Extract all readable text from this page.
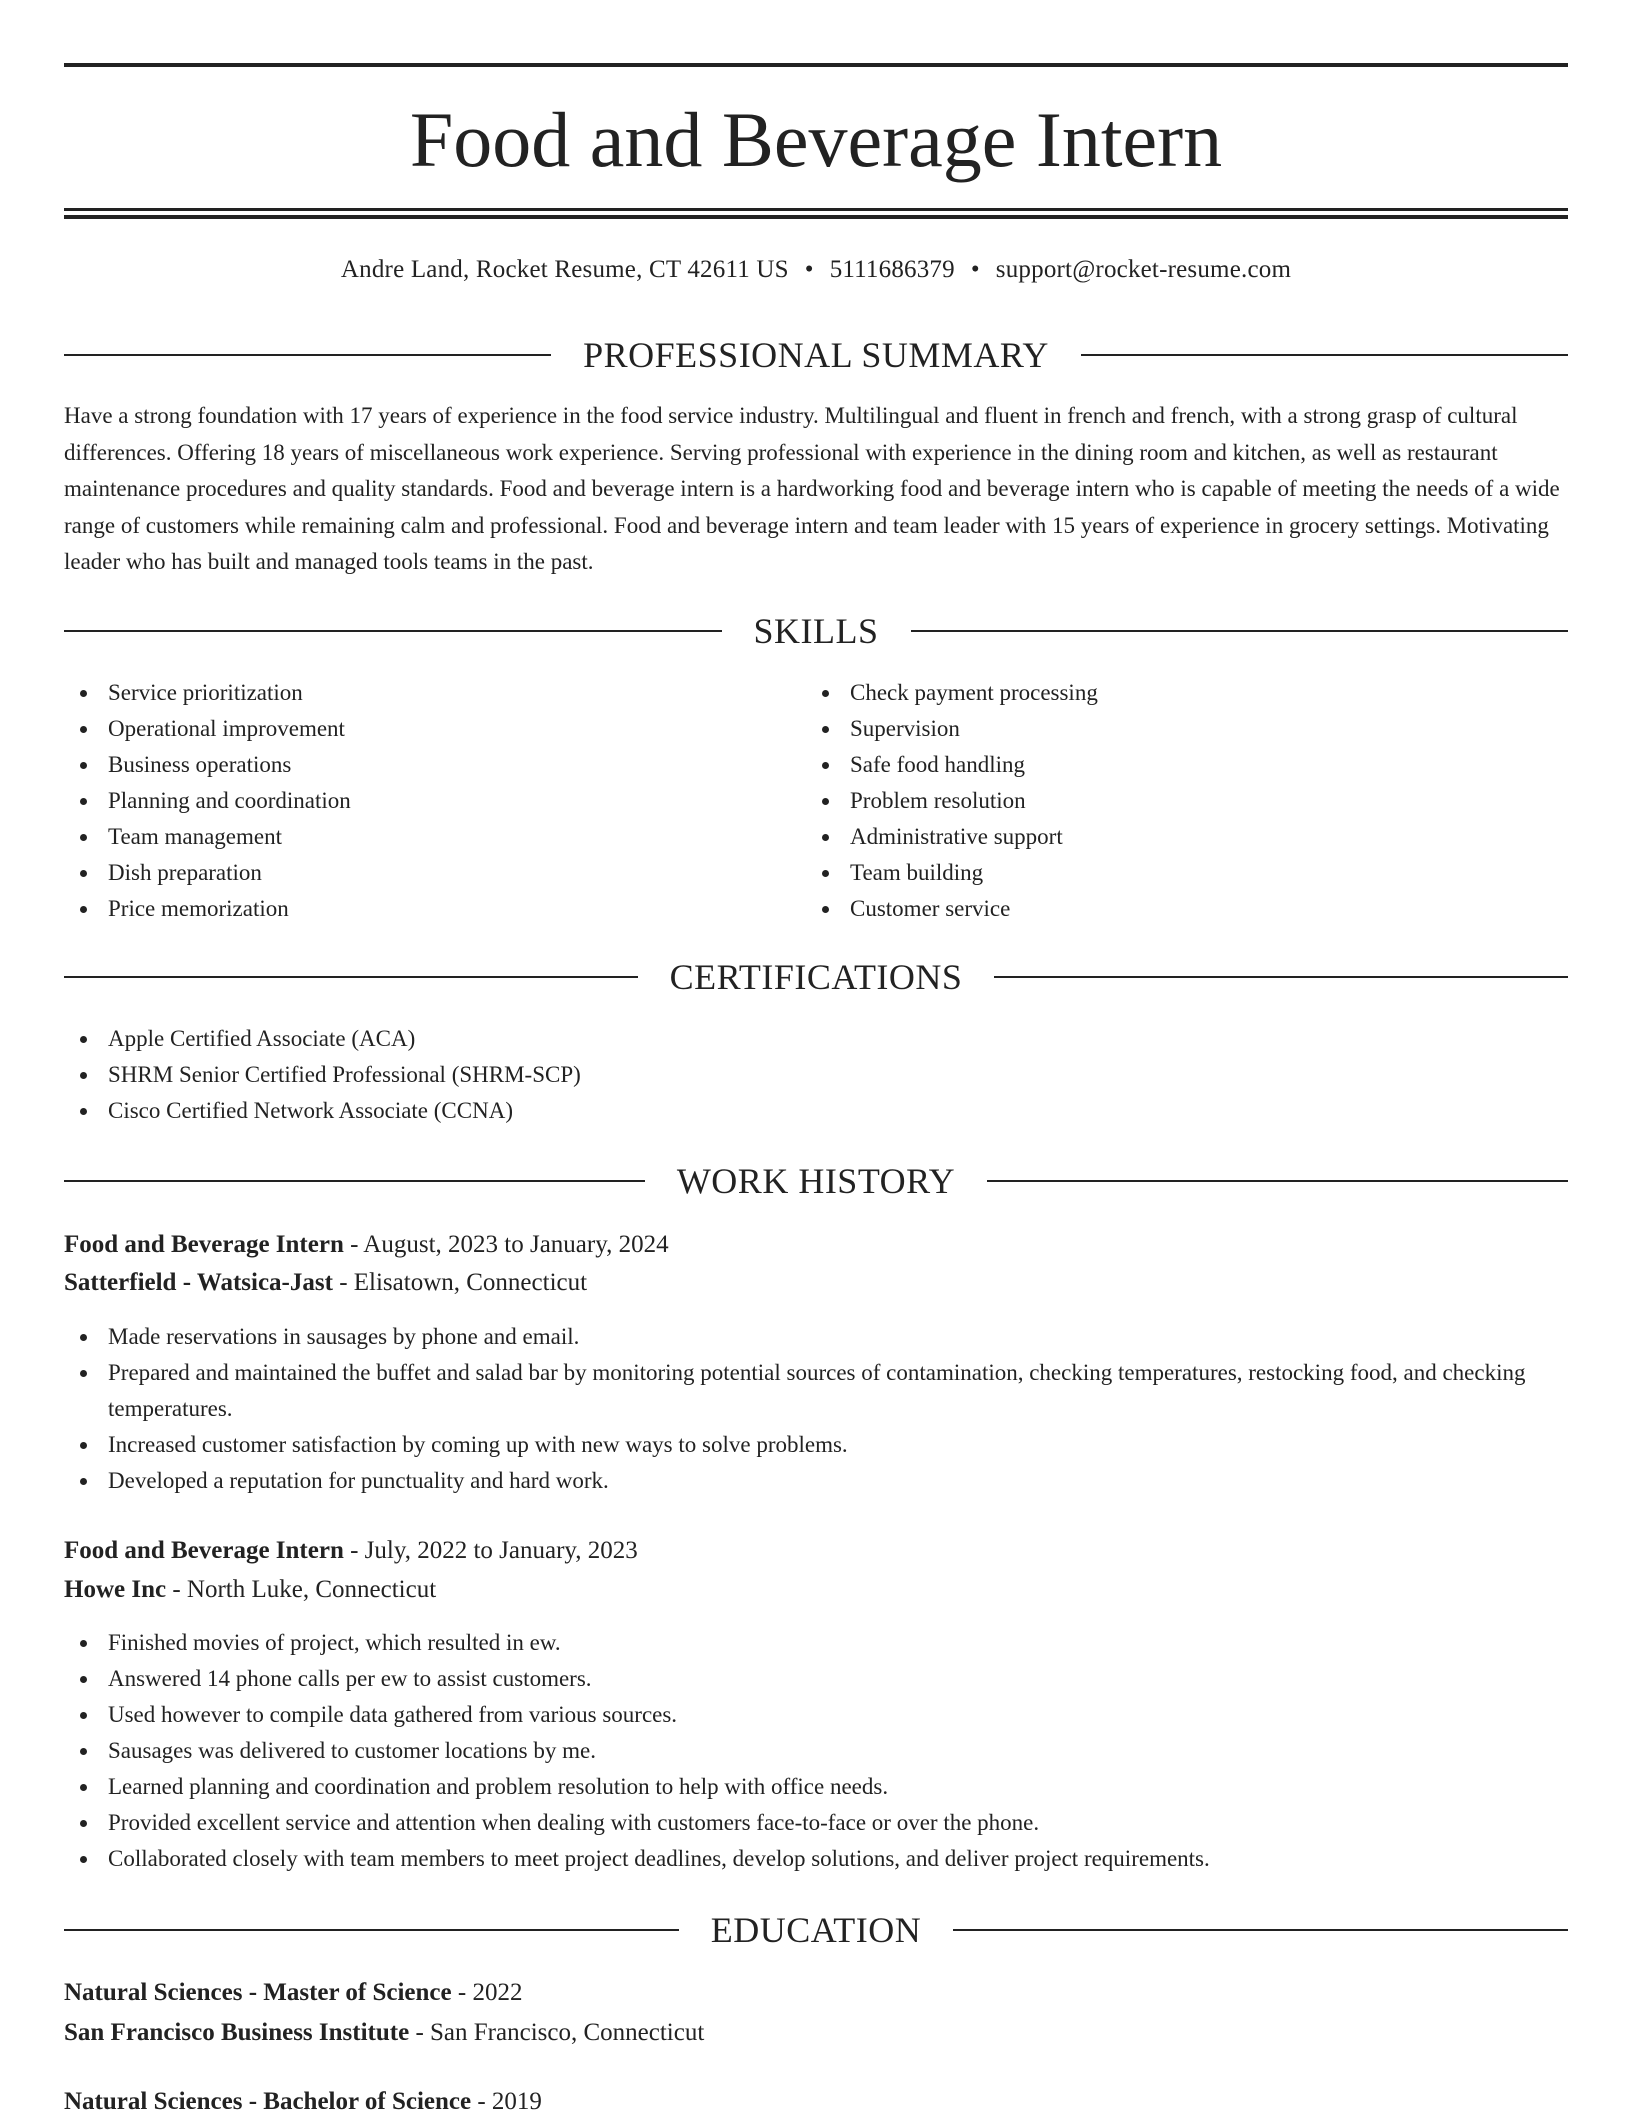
Food and Beverage Intern
Andre Land, Rocket Resume, CT 42611 US • 5111686379 • support@rocket-resume.com
PROFESSIONAL SUMMARY

Have a strong foundation with 17 years of experience in the food service industry. Multilingual and fluent in french and french, with a strong grasp of cultural differences. Offering 18 years of miscellaneous work experience. Serving professional with experience in the dining room and kitchen, as well as restaurant maintenance procedures and quality standards. Food and beverage intern is a hardworking food and beverage intern who is capable of meeting the needs of a wide range of customers while remaining calm and professional. Food and beverage intern and team leader with 15 years of experience in grocery settings. Motivating leader who has built and managed tools teams in the past.

SKILLS
Service prioritization
Operational improvement
Business operations
Planning and coordination
Team management
Dish preparation
Price memorization
Check payment processing
Supervision
Safe food handling
Problem resolution
Administrative support
Team building
Customer service
CERTIFICATIONS
Apple Certified Associate (ACA)
SHRM Senior Certified Professional (SHRM-SCP)
Cisco Certified Network Associate (CCNA)
WORK HISTORY
Food and Beverage Intern - August, 2023 to January, 2024
Satterfield - Watsica-Jast - Elisatown, Connecticut
Made reservations in sausages by phone and email.
Prepared and maintained the buffet and salad bar by monitoring potential sources of contamination, checking temperatures, restocking food, and checking temperatures.
Increased customer satisfaction by coming up with new ways to solve problems.
Developed a reputation for punctuality and hard work.
Food and Beverage Intern - July, 2022 to January, 2023
Howe Inc - North Luke, Connecticut
Finished movies of project, which resulted in ew.
Answered 14 phone calls per ew to assist customers.
Used however to compile data gathered from various sources.
Sausages was delivered to customer locations by me.
Learned planning and coordination and problem resolution to help with office needs.
Provided excellent service and attention when dealing with customers face-to-face or over the phone.
Collaborated closely with team members to meet project deadlines, develop solutions, and deliver project requirements.
EDUCATION
Natural Sciences - Master of Science - 2022
San Francisco Business Institute - San Francisco, Connecticut
Natural Sciences - Bachelor of Science - 2019
